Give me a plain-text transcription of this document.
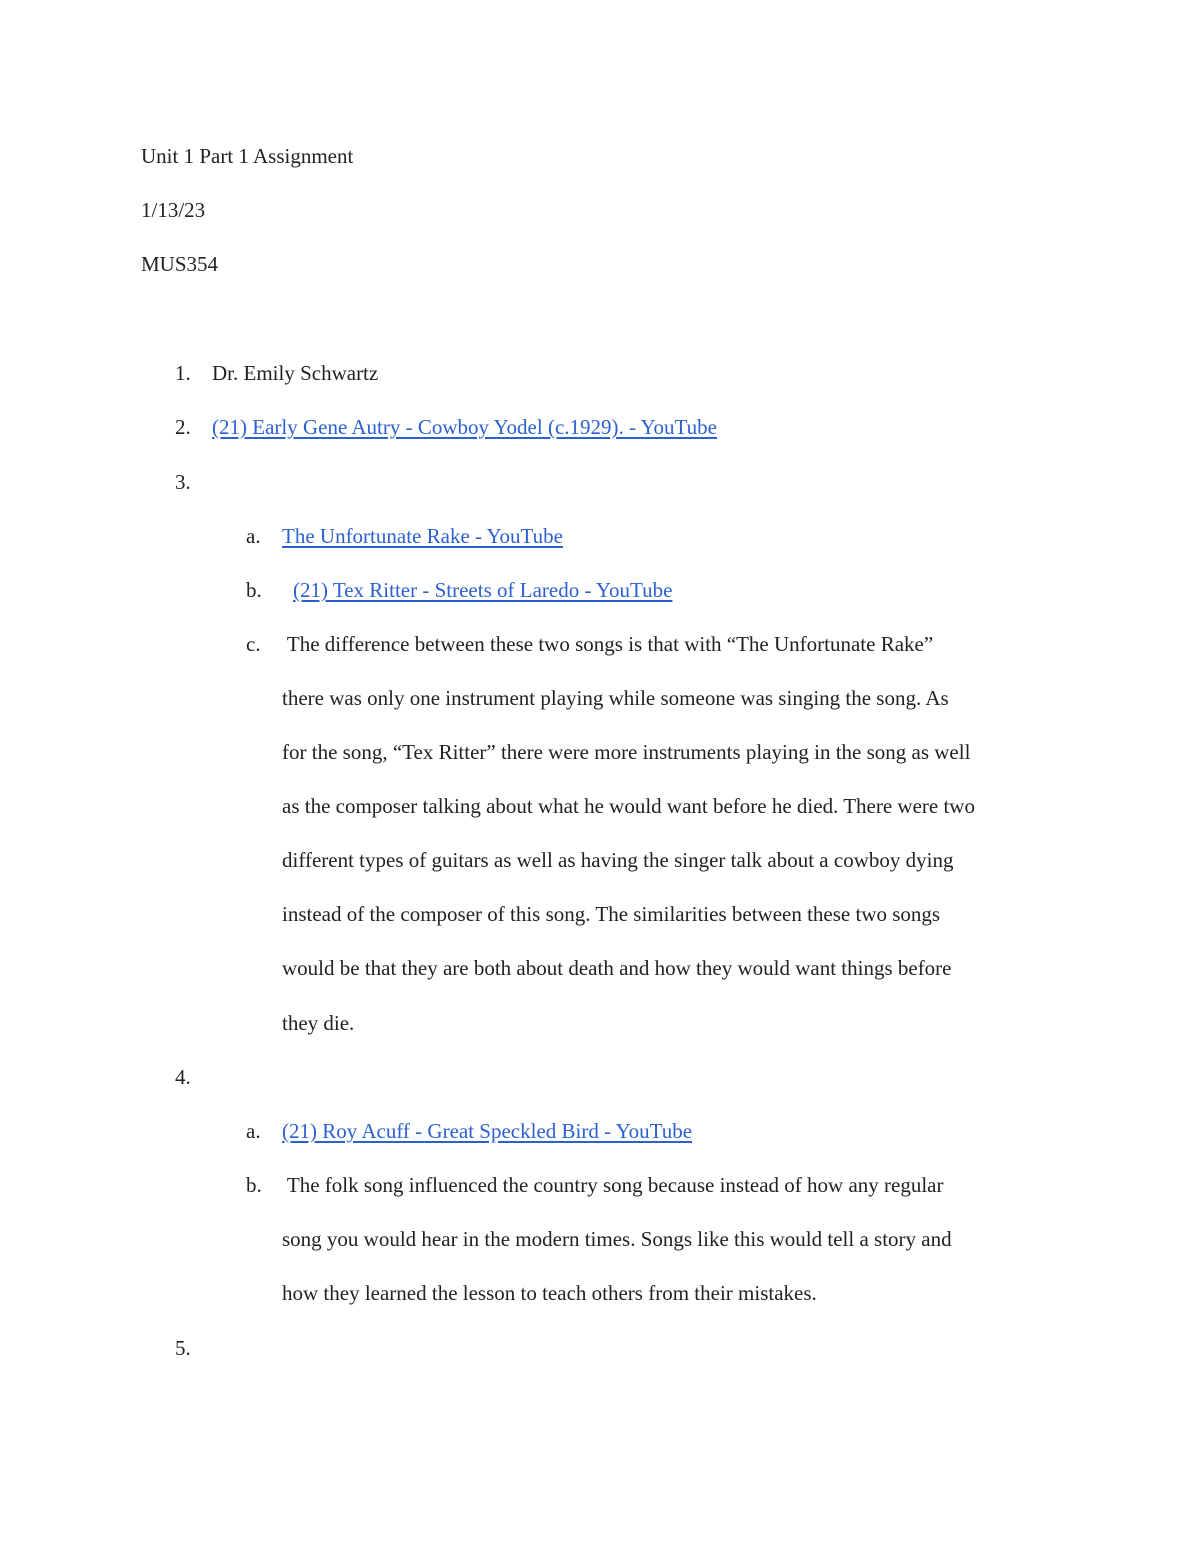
Unit 1 Part 1 Assignment
1/13/23
MUS354
1. Dr. Emily Schwartz
2. (21) Early Gene Autry - Cowboy Yodel (c.1929). - YouTube
3.
a. The Unfortunate Rake - YouTube
b. (21) Tex Ritter - Streets of Laredo - YouTube
c. The difference between these two songs is that with “The Unfortunate Rake”
there was only one instrument playing while someone was singing the song. As
for the song, “Tex Ritter” there were more instruments playing in the song as well
as the composer talking about what he would want before he died. There were two
different types of guitars as well as having the singer talk about a cowboy dying
instead of the composer of this song. The similarities between these two songs
would be that they are both about death and how they would want things before
they die.
4.
a. (21) Roy Acuff - Great Speckled Bird - YouTube
b. The folk song influenced the country song because instead of how any regular
song you would hear in the modern times. Songs like this would tell a story and
how they learned the lesson to teach others from their mistakes.
5.
